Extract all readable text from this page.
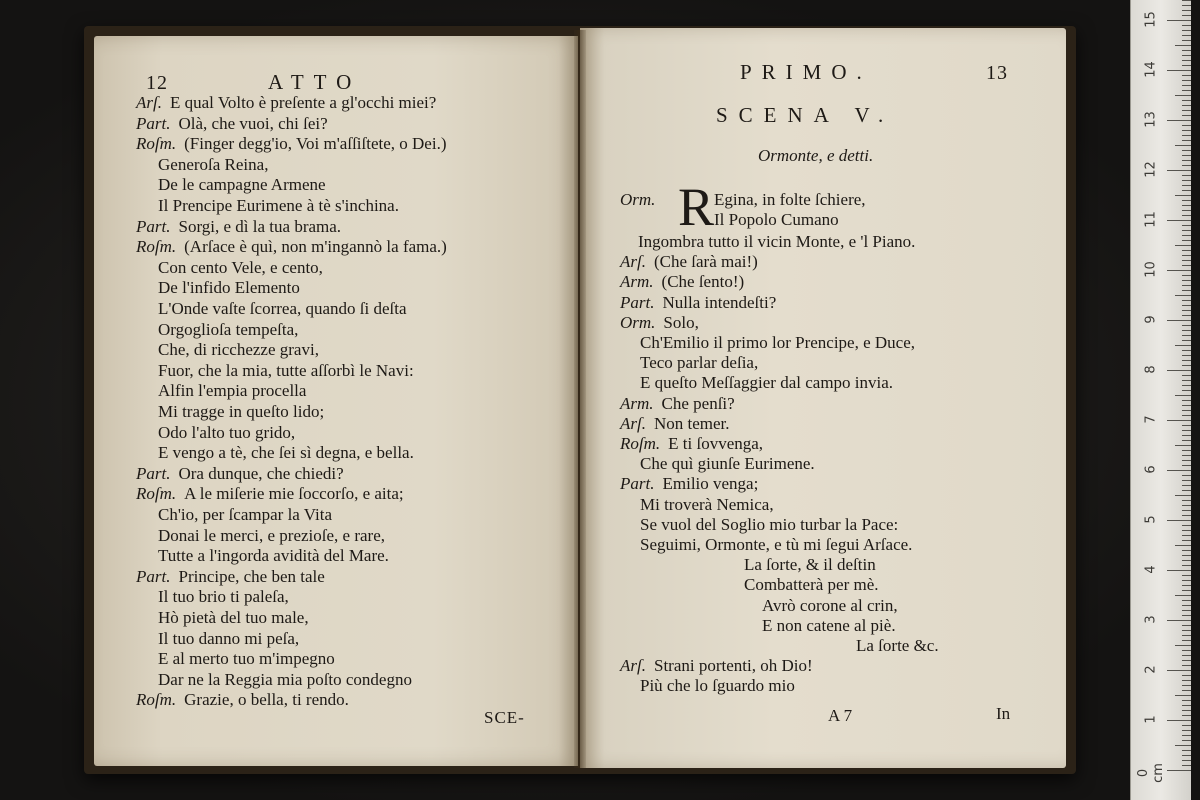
12	ATTO
Arſ. E qual Volto è preſente a gl'occhi miei?
Part. Olà, che vuoi, chi ſei?
Roſm. (Finger degg'io, Voi m'aſſiſtete, o Dei.)
Generoſa Reina,
De le campagne Armene
Il Prencipe Eurimene à tè s'inchina.
Part. Sorgi, e dì la tua brama.
Roſm. (Arſace è quì, non m'ingannò la fama.)
Con cento Vele, e cento,
De l'infido Elemento
L'Onde vaſte ſcorrea, quando ſi deſta
Orgoglioſa tempeſta,
Che, di ricchezze gravi,
Fuor, che la mia, tutte aſſorbì le Navi:
Alfin l'empia procella
Mi tragge in queſto lido;
Odo l'alto tuo grido,
E vengo a tè, che ſei sì degna, e bella.
Part. Ora dunque, che chiedi?
Roſm. A le miſerie mie ſoccorſo, e aita;
Ch'io, per ſcampar la Vita
Donai le merci, e prezioſe, e rare,
Tutte a l'ingorda avidità del Mare.
Part. Principe, che ben tale
Il tuo brio ti paleſa,
Hò pietà del tuo male,
Il tuo danno mi peſa,
E al merto tuo m'impegno
Dar ne la Reggia mia poſto condegno
Roſm. Grazie, o bella, ti rendo.
SCE-
PRIMO.	13
SCENA V.
Ormonte, e detti.
Orm. R Egina, in folte ſchiere,
Il Popolo Cumano
Ingombra tutto il vicin Monte, e 'l Piano.
Arſ. (Che ſarà mai!)
Arm. (Che ſento!)
Part. Nulla intendeſti?
Orm. Solo,
Ch'Emilio il primo lor Prencipe, e Duce,
Teco parlar deſia,
E queſto Meſſaggier dal campo invia.
Arm. Che penſi?
Arſ. Non temer.
Roſm. E ti ſovvenga,
Che quì giunſe Eurimene.
Part. Emilio venga;
Mi troverà Nemica,
Se vuol del Soglio mio turbar la Pace:
Seguimi, Ormonte, e tù mi ſegui Arſace.
La ſorte, & il deſtin
Combatterà per mè.
Avrò corone al crin,
E non catene al piè.
La ſorte &c.
Arſ. Strani portenti, oh Dio!
Più che lo ſguardo mio
A 7	In
0 cm
1
2
3
4
5
6
7
8
9
10
11
12
13
14
15
